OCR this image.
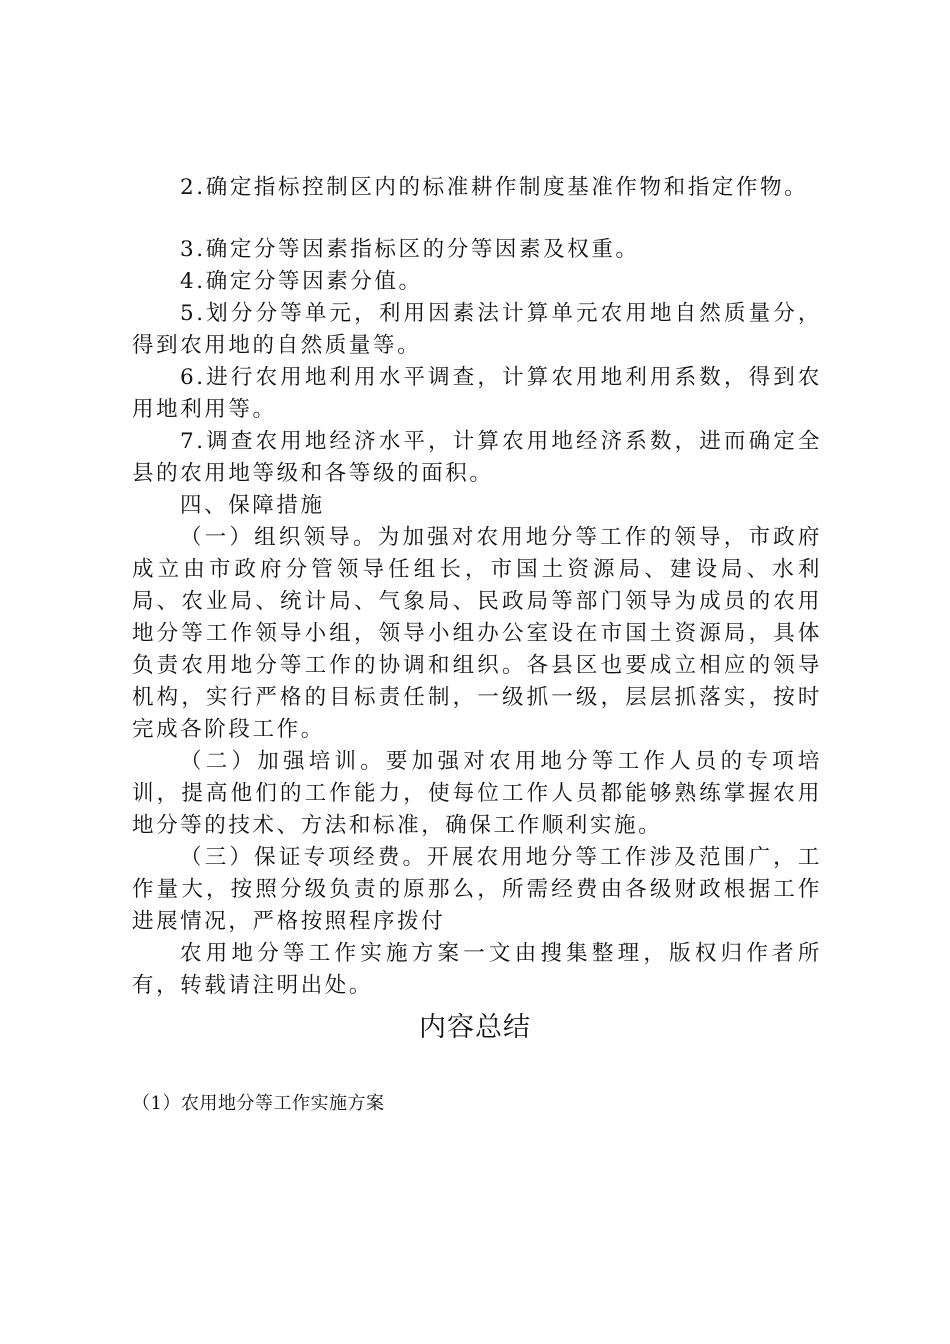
2.确定指标控制区内的标准耕作制度基准作物和指定作物。

3.确定分等因素指标区的分等因素及权重。

4.确定分等因素分值。

5.划分分等单元，利用因素法计算单元农用地自然质量分，得到农用地的自然质量等。

6.进行农用地利用水平调查，计算农用地利用系数，得到农用地利用等。

7.调查农用地经济水平，计算农用地经济系数，进而确定全县的农用地等级和各等级的面积。

四、保障措施

（一）组织领导。为加强对农用地分等工作的领导，市政府成立由市政府分管领导任组长，市国土资源局、建设局、水利局、农业局、统计局、气象局、民政局等部门领导为成员的农用地分等工作领导小组，领导小组办公室设在市国土资源局，具体负责农用地分等工作的协调和组织。各县区也要成立相应的领导机构，实行严格的目标责任制，一级抓一级，层层抓落实，按时完成各阶段工作。

（二）加强培训。要加强对农用地分等工作人员的专项培训，提高他们的工作能力，使每位工作人员都能够熟练掌握农用地分等的技术、方法和标准，确保工作顺利实施。

（三）保证专项经费。开展农用地分等工作涉及范围广，工作量大，按照分级负责的原那么，所需经费由各级财政根据工作进展情况，严格按照程序拨付

农用地分等工作实施方案一文由搜集整理，版权归作者所有，转载请注明出处。

内容总结

（1）农用地分等工作实施方案
